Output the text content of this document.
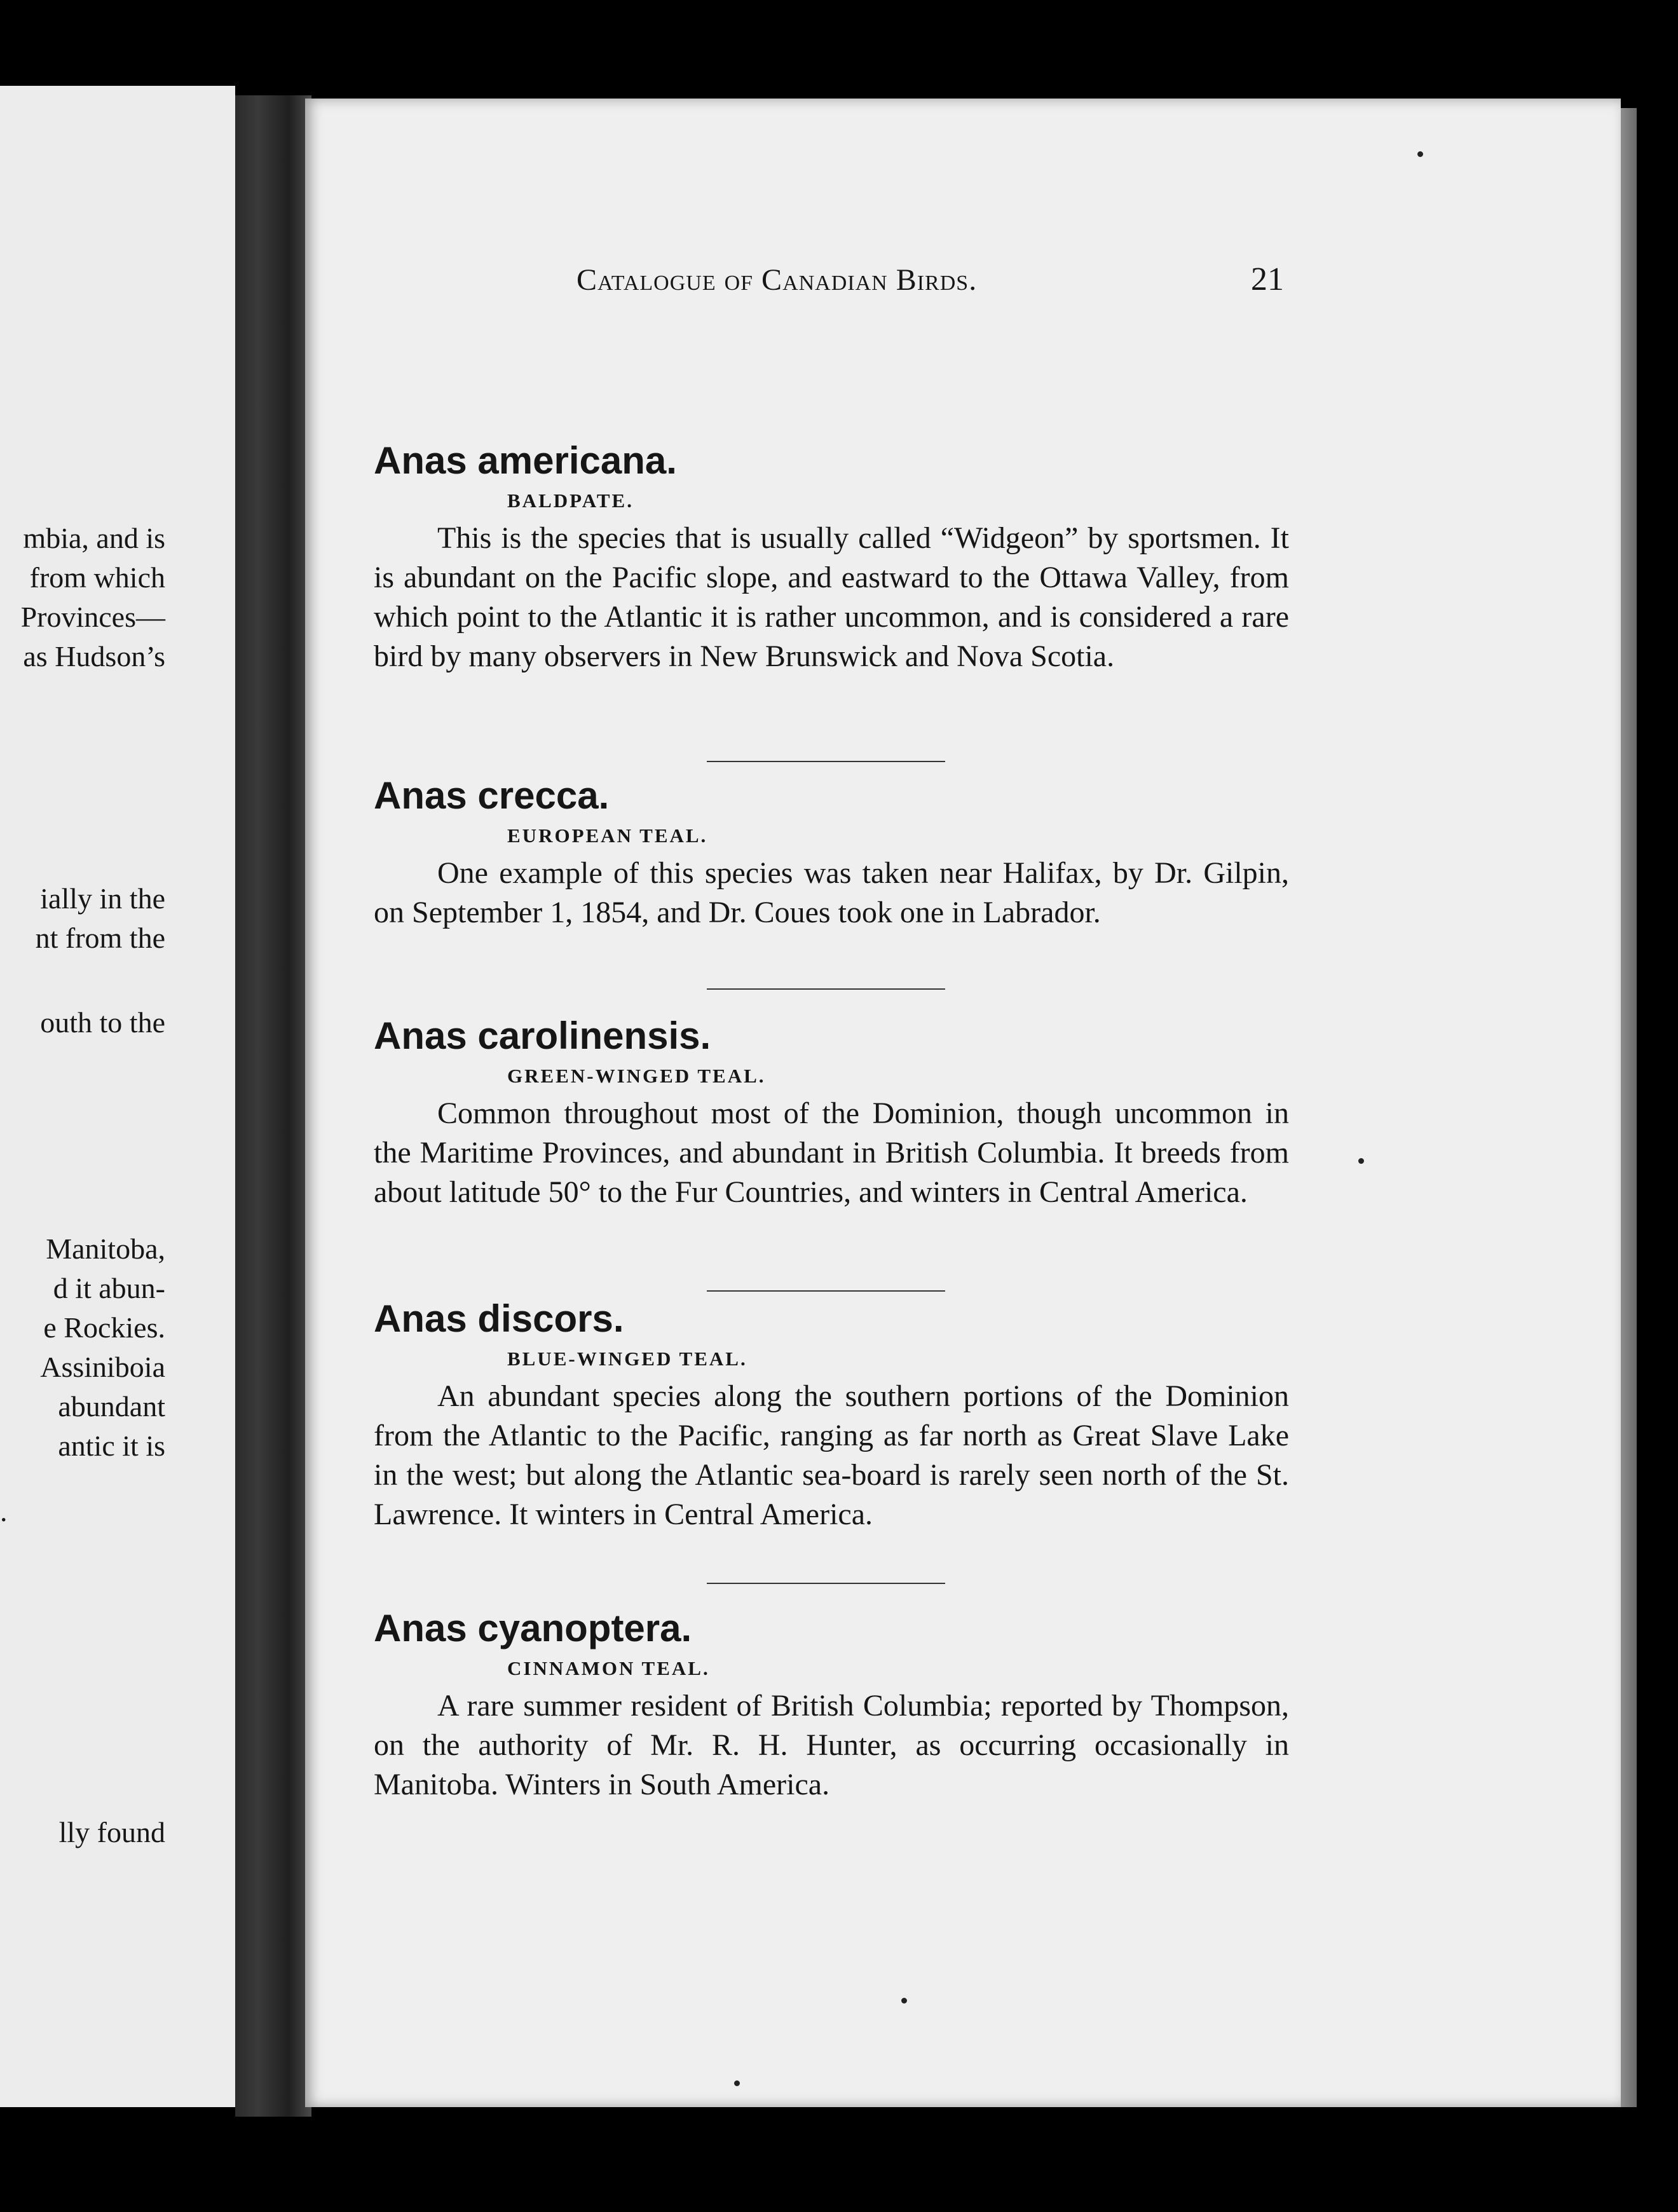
mbia, and is
from which
Provinces—
as Hudson’s
ially in the
nt from the
outh to the
Manitoba,
d it abun-
e Rockies.
Assiniboia
abundant
antic it is
.
lly found
Catalogue of Canadian Birds.	21
Anas americana.
BALDPATE.

This is the species that is usually called “Widgeon” by sportsmen. It is abundant on the Pacific slope, and eastward to the Ottawa Valley, from which point to the Atlantic it is rather uncommon, and is considered a rare bird by many observers in New Brunswick and Nova Scotia.

Anas crecca.
EUROPEAN TEAL.

One example of this species was taken near Halifax, by Dr. Gilpin, on September 1, 1854, and Dr. Coues took one in Labrador.

Anas carolinensis.
GREEN-WINGED TEAL.

Common throughout most of the Dominion, though uncommon in the Maritime Provinces, and abundant in British Columbia. It breeds from about latitude 50° to the Fur Countries, and winters in Central America.

Anas discors.
BLUE-WINGED TEAL.

An abundant species along the southern portions of the Dominion from the Atlantic to the Pacific, ranging as far north as Great Slave Lake in the west; but along the Atlantic sea-board is rarely seen north of the St. Lawrence. It winters in Central America.

Anas cyanoptera.
CINNAMON TEAL.

A rare summer resident of British Columbia; reported by Thompson, on the authority of Mr. R. H. Hunter, as occurring occasionally in Manitoba. Winters in South America.
